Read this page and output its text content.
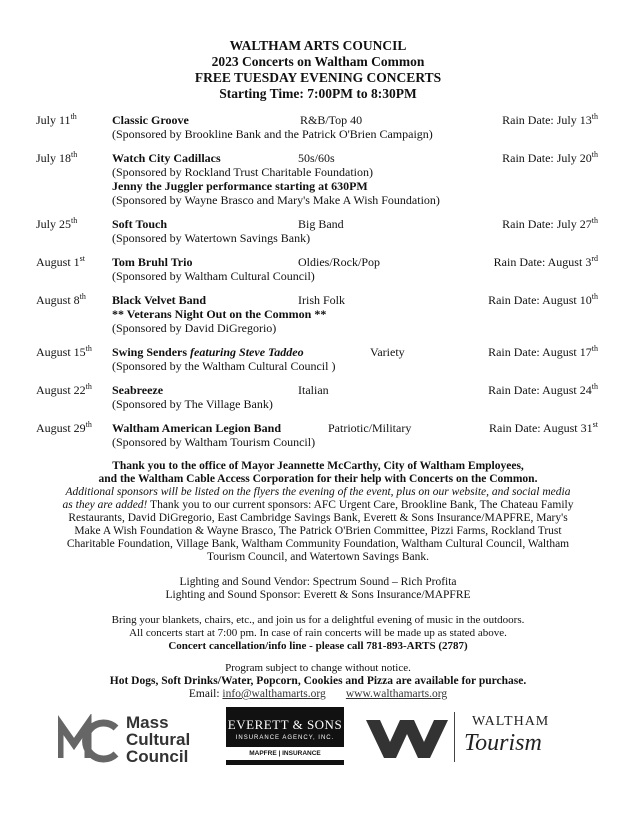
WALTHAM ARTS COUNCIL
2023 Concerts on Waltham Common
FREE TUESDAY EVENING CONCERTS
Starting Time: 7:00PM to 8:30PM
July 11th	Classic Groove	R&B/Top 40	Rain Date: July 13th
(Sponsored by Brookline Bank and the Patrick O'Brien Campaign)
July 18th	Watch City Cadillacs	50s/60s	Rain Date: July 20th
(Sponsored by Rockland Trust Charitable Foundation)
Jenny the Juggler performance starting at 630PM
(Sponsored by Wayne Brasco and Mary's Make A Wish Foundation)
July 25th	Soft Touch	Big Band	Rain Date: July 27th
(Sponsored by Watertown Savings Bank)
August 1st Tom Bruhl Trio	Oldies/Rock/Pop	Rain Date: August 3rd
(Sponsored by Waltham Cultural Council)
August 8th Black Velvet Band	Irish Folk	Rain Date: August 10th
** Veterans Night Out on the Common **
(Sponsored by David DiGregorio)
August 15th Swing Senders featuring Steve Taddeo	Variety	Rain Date: August 17th
(Sponsored by the Waltham Cultural Council )
August 22th Seabreeze	Italian	Rain Date: August 24th
(Sponsored by The Village Bank)
August 29th Waltham American Legion Band	Patriotic/Military	Rain Date: August 31st
(Sponsored by Waltham Tourism Council)
Thank you to the office of Mayor Jeannette McCarthy, City of Waltham Employees,
and the Waltham Cable Access Corporation for their help with Concerts on the Common.
Additional sponsors will be listed on the flyers the evening of the event, plus on our website, and social media
as they are added! Thank you to our current sponsors: AFC Urgent Care, Brookline Bank, The Chateau Family
Restaurants, David DiGregorio, East Cambridge Savings Bank, Everett & Sons Insurance/MAPFRE, Mary's
Make A Wish Foundation & Wayne Brasco, The Patrick O'Brien Committee, Pizzi Farms, Rockland Trust
Charitable Foundation, Village Bank, Waltham Community Foundation, Waltham Cultural Council, Waltham
Tourism Council, and Watertown Savings Bank.
Lighting and Sound Vendor: Spectrum Sound – Rich Profita
Lighting and Sound Sponsor: Everett & Sons Insurance/MAPFRE
Bring your blankets, chairs, etc., and join us for a delightful evening of music in the outdoors.
All concerts start at 7:00 pm. In case of rain concerts will be made up as stated above.
Concert cancellation/info line - please call 781-893-ARTS (2787)
Program subject to change without notice.
Hot Dogs, Soft Drinks/Water, Popcorn, Cookies and Pizza are available for purchase.
Email: info@walthamarts.org www.walthamarts.org
Mass
Cultural
Council
EVERETT & SONS
INSURANCE AGENCY, INC.
MAPFRE | INSURANCE
WALTHAM
Tourism
